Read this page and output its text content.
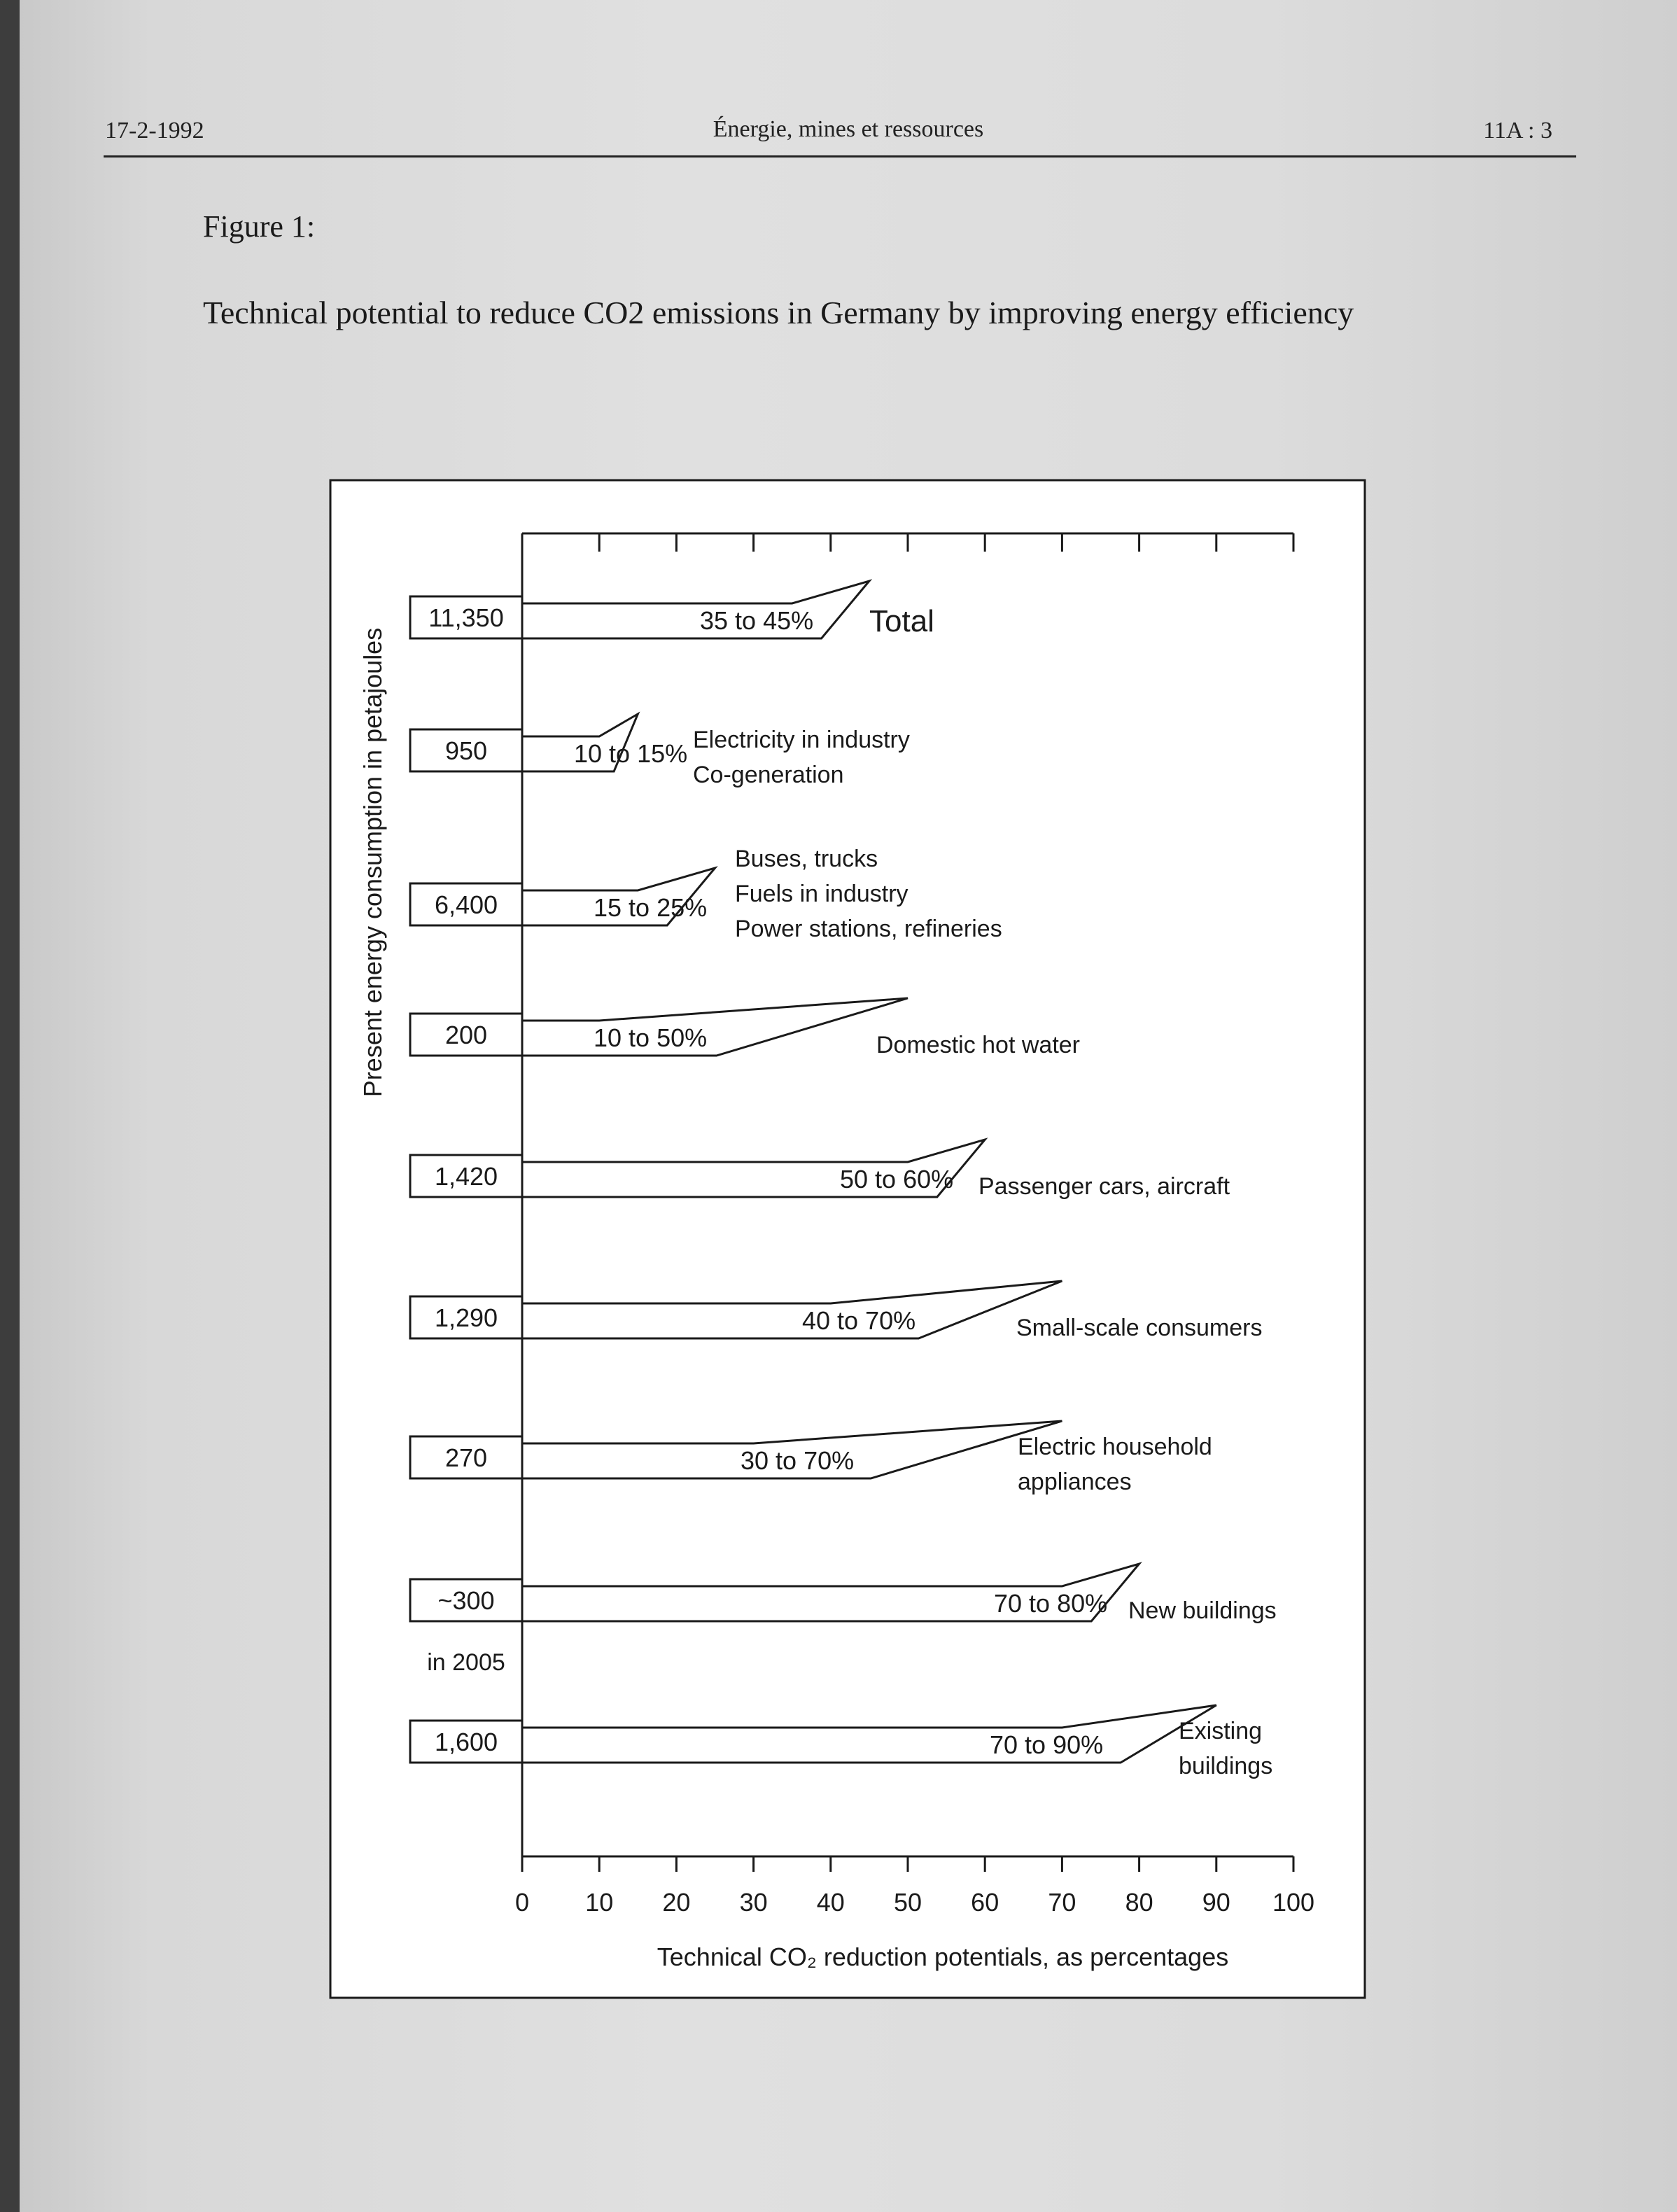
17-2-1992	Énergie, mines et ressources	11A : 3
Figure 1:
Technical potential to reduce CO2 emissions in Germany by improving energy efficiency
0 10 20 30 40 50 60 70 80 90 100
Technical CO₂ reduction potentials, as percentages
Present energy consumption in petajoules
11,350	35 to 45% Total
950	10 to 15% Electricity in industry
Co-generation
6,400	15 to 25%
Buses, trucks
Fuels in industry
Power stations, refineries
200	10 to 50%	Domestic hot water
1,420	50 to 60% Passenger cars, aircraft
1,290	40 to 70%	Small-scale consumers
270	30 to 70%	Electric household
appliances
~300
in 2005
70 to 80% New buildings
1,600	70 to 90%	Existing
buildings
